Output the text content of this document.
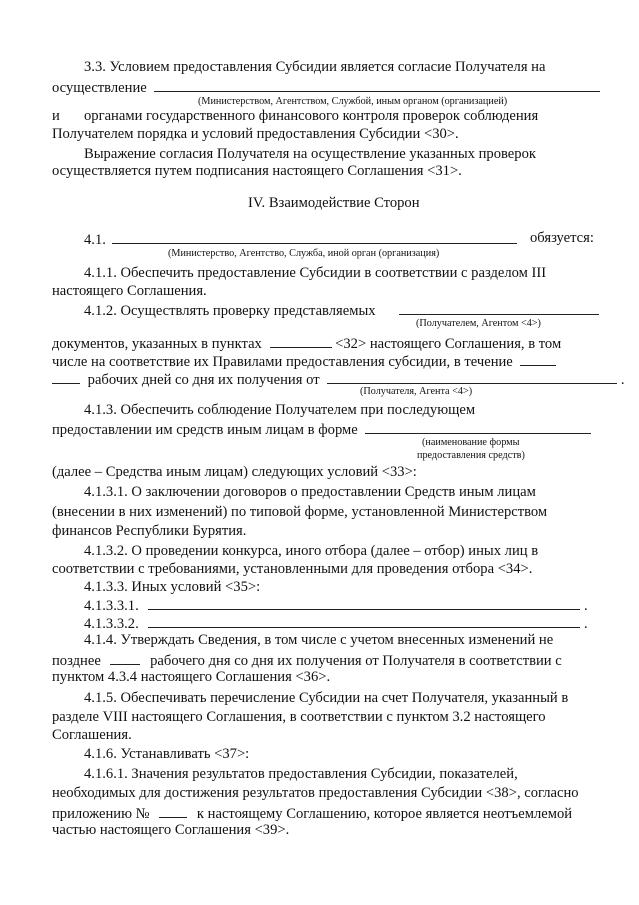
3.3. Условием предоставления Субсидии является согласие Получателя на
осуществление
(Министерством, Агентством, Службой, иным органом (организацией)
и органами государственного финансового контроля проверок соблюдения
Получателем порядка и условий предоставления Субсидии <30>.
Выражение согласия Получателя на осуществление указанных проверок
осуществляется путем подписания настоящего Соглашения <31>.
IV. Взаимодействие Сторон
4.1.	обязуется:
(Министерство, Агентство, Служба, иной орган (организация)
4.1.1. Обеспечить предоставление Субсидии в соответствии с разделом III
настоящего Соглашения.
4.1.2. Осуществлять проверку представляемых
(Получателем, Агентом <4>)
документов, указанных в пунктах	<32> настоящего Соглашения, в том
числе на соответствие их Правилами предоставления субсидии, в течение
рабочих дней со дня их получения от	.
(Получателя, Агента <4>)
4.1.3. Обеспечить соблюдение Получателем при последующем
предоставлении им средств иным лицам в форме
(наименование формы
предоставления средств)
(далее – Средства иным лицам) следующих условий <33>:
4.1.3.1. О заключении договоров о предоставлении Средств иным лицам
(внесении в них изменений) по типовой форме, установленной Министерством
финансов Республики Бурятия.
4.1.3.2. О проведении конкурса, иного отбора (далее – отбор) иных лиц в
соответствии с требованиями, установленными для проведения отбора <34>.
4.1.3.3. Иных условий <35>:
4.1.3.3.1.	.
4.1.3.3.2.	.
4.1.4. Утверждать Сведения, в том числе с учетом внесенных изменений не
позднее	рабочего дня со дня их получения от Получателя в соответствии с
пунктом 4.3.4 настоящего Соглашения <36>.
4.1.5. Обеспечивать перечисление Субсидии на счет Получателя, указанный в
разделе VIII настоящего Соглашения, в соответствии с пунктом 3.2 настоящего
Соглашения.
4.1.6. Устанавливать <37>:
4.1.6.1. Значения результатов предоставления Субсидии, показателей,
необходимых для достижения результатов предоставления Субсидии <38>, согласно
приложению №	к настоящему Соглашению, которое является неотъемлемой
частью настоящего Соглашения <39>.
